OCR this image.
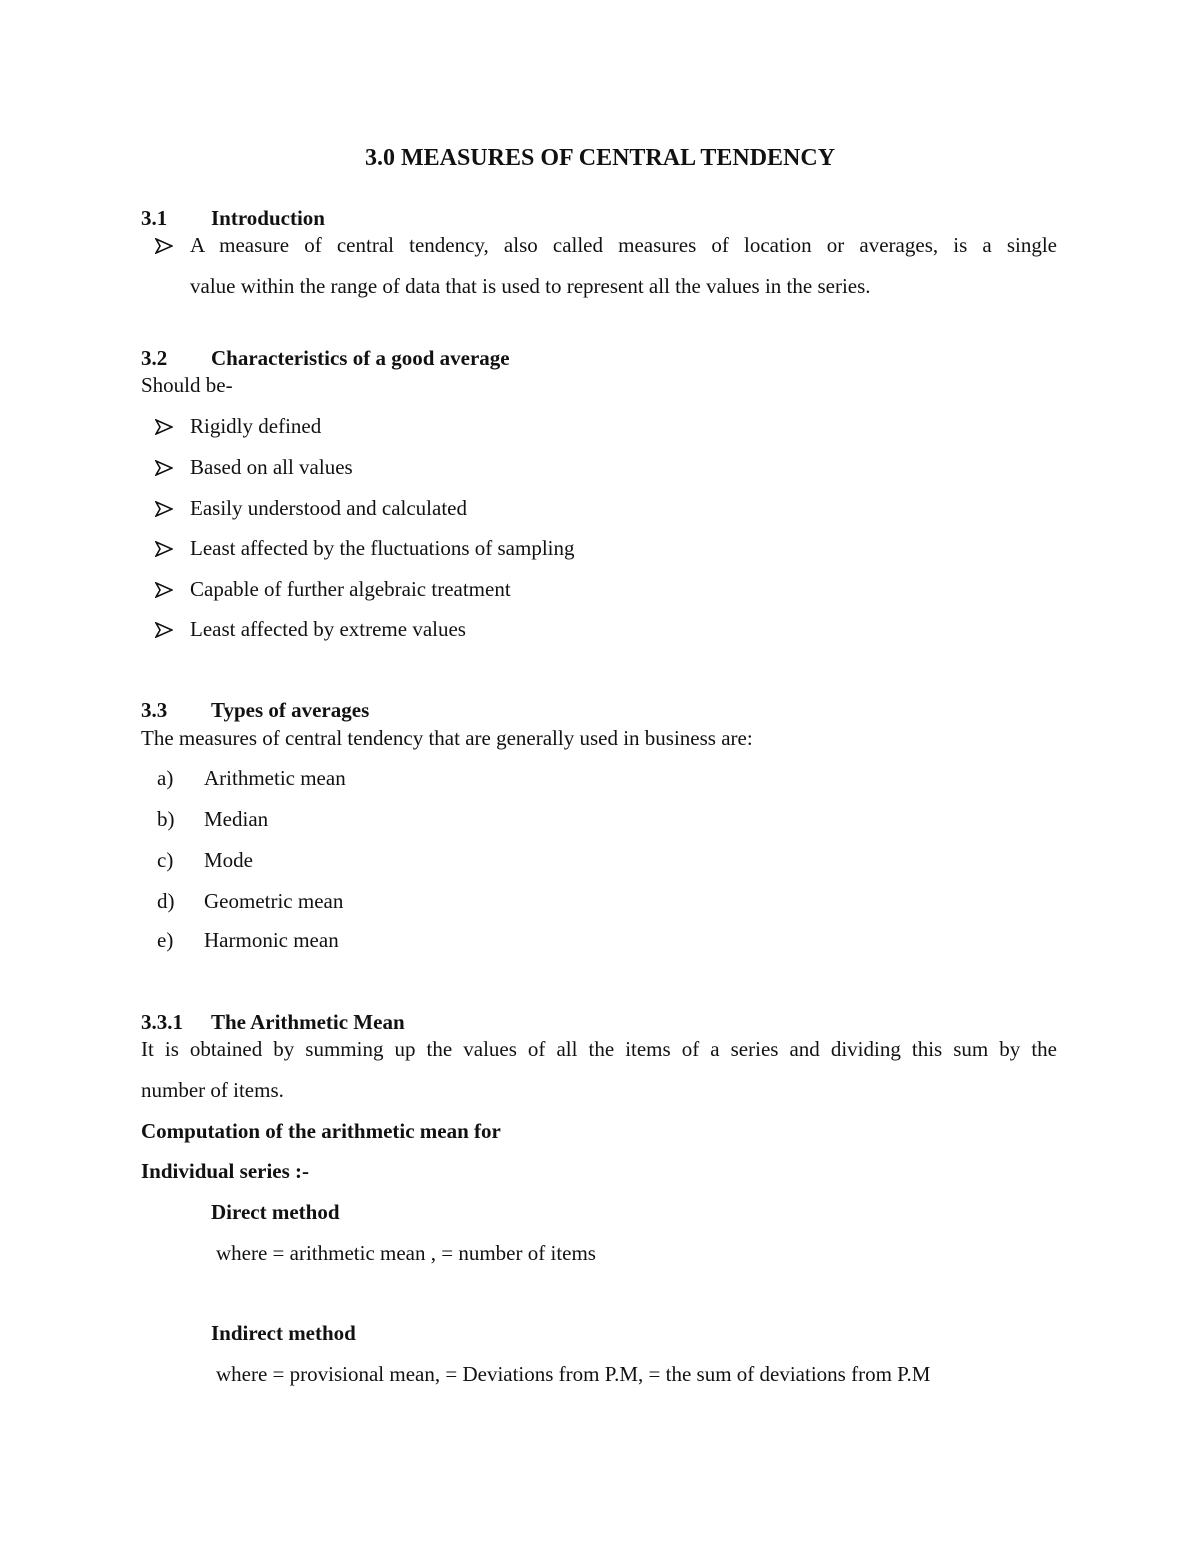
3.0 MEASURES OF CENTRAL TENDENCY
3.1 Introduction
A measure of central tendency, also called measures of location or averages, is a single
value within the range of data that is used to represent all the values in the series.
3.2 Characteristics of a good average
Should be-
Rigidly defined
Based on all values
Easily understood and calculated
Least affected by the fluctuations of sampling
Capable of further algebraic treatment
Least affected by extreme values
3.3 Types of averages
The measures of central tendency that are generally used in business are:
a) Arithmetic mean
b) Median
c) Mode
d) Geometric mean
e) Harmonic mean
3.3.1 The Arithmetic Mean
It is obtained by summing up the values of all the items of a series and dividing this sum by the
number of items.
Computation of the arithmetic mean for
Individual series :-
Direct method
where = arithmetic mean , = number of items
Indirect method
where = provisional mean, = Deviations from P.M, = the sum of deviations from P.M
